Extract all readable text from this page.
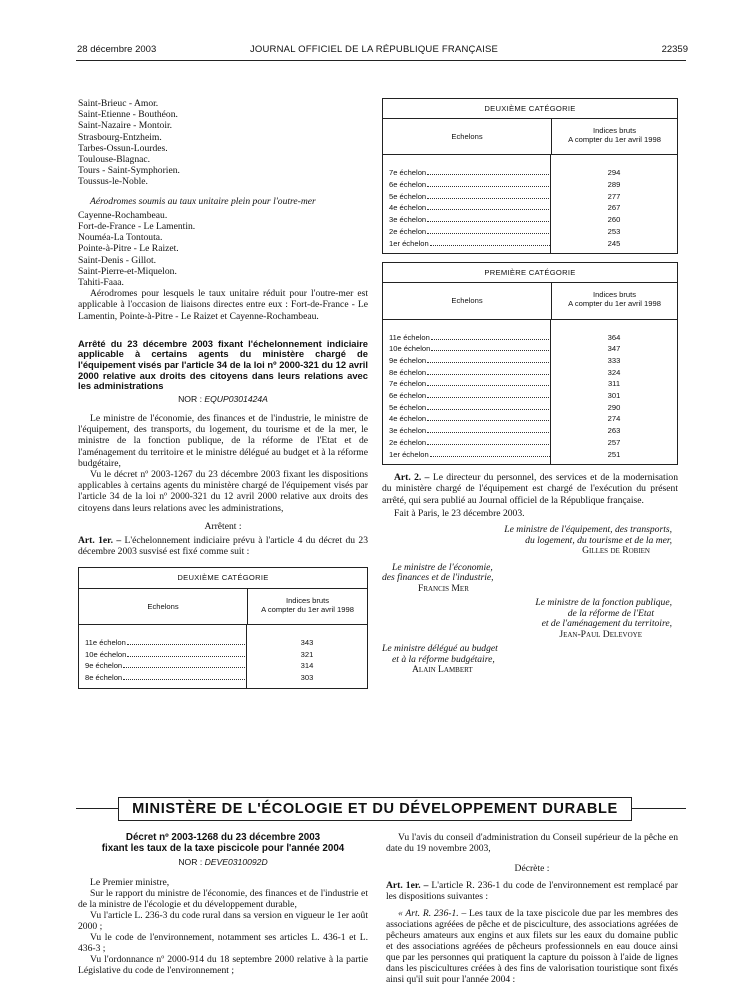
28 décembre 2003	JOURNAL OFFICIEL DE LA RÉPUBLIQUE FRANÇAISE	22359

Saint-Brieuc - Amor.

Saint-Etienne - Bouthéon.

Saint-Nazaire - Montoir.

Strasbourg-Entzheim.

Tarbes-Ossun-Lourdes.

Toulouse-Blagnac.

Tours - Saint-Symphorien.

Toussus-le-Noble.

Aérodromes soumis au taux unitaire plein pour l'outre-mer

Cayenne-Rochambeau.

Fort-de-France - Le Lamentin.

Nouméa-La Tontouta.

Pointe-à-Pitre - Le Raizet.

Saint-Denis - Gillot.

Saint-Pierre-et-Miquelon.

Tahiti-Faaa.

Aérodromes pour lesquels le taux unitaire réduit pour l'outre-mer est applicable à l'occasion de liaisons directes entre eux : Fort-de-France - Le Lamentin, Pointe-à-Pitre - Le Raizet et Cayenne-Rochambeau.

Arrêté du 23 décembre 2003 fixant l'échelonnement indiciaire applicable à certains agents du ministère chargé de l'équipement visés par l'article 34 de la loi nº 2000-321 du 12 avril 2000 relative aux droits des citoyens dans leurs relations avec les administrations

NOR : EQUP0301424A

Le ministre de l'économie, des finances et de l'industrie, le ministre de l'équipement, des transports, du logement, du tourisme et de la mer, le ministre de la fonction publique, de la réforme de l'Etat et de l'aménagement du territoire et le ministre délégué au budget et à la réforme budgétaire,

Vu le décret nº 2003-1267 du 23 décembre 2003 fixant les dispositions applicables à certains agents du ministère chargé de l'équipement visés par l'article 34 de la loi nº 2000-321 du 12 avril 2000 relative aux droits des citoyens dans leurs relations avec les administrations,

Arrêtent :

Art. 1er. – L'échelonnement indiciaire prévu à l'article 4 du décret du 23 décembre 2003 susvisé est fixé comme suit :

DEUXIÈME CATÉGORIE
Echelons
Indices bruts
A compter du 1er avril 1998
11e échelon
10e échelon
9e échelon
8e échelon
343
321
314
303
DEUXIÈME CATÉGORIE
Echelons
Indices bruts
A compter du 1er avril 1998
7e échelon
6e échelon
5e échelon
4e échelon
3e échelon
2e échelon
1er échelon
294
289
277
267
260
253
245
PREMIÈRE CATÉGORIE
Echelons
Indices bruts
A compter du 1er avril 1998
11e échelon
10e échelon
9e échelon
8e échelon
7e échelon
6e échelon
5e échelon
4e échelon
3e échelon
2e échelon
1er échelon
364
347
333
324
311
301
290
274
263
257
251

Art. 2. – Le directeur du personnel, des services et de la modernisation du ministère chargé de l'équipement est chargé de l'exécution du présent arrêté, qui sera publié au Journal officiel de la République française.

Fait à Paris, le 23 décembre 2003.

Le ministre de l'équipement, des transports,
du logement, du tourisme et de la mer,
Gilles de Robien
Le ministre de l'économie,
des finances et de l'industrie,
Francis Mer
Le ministre de la fonction publique,
de la réforme de l'Etat
et de l'aménagement du territoire,
Jean-Paul Delevoye
Le ministre délégué au budget
et à la réforme budgétaire,
Alain Lambert
MINISTÈRE DE L'ÉCOLOGIE ET DU DÉVELOPPEMENT DURABLE
Décret nº 2003-1268 du 23 décembre 2003
fixant les taux de la taxe piscicole pour l'année 2004

NOR : DEVE0310092D

Le Premier ministre,

Sur le rapport du ministre de l'économie, des finances et de l'industrie et de la ministre de l'écologie et du développement durable,

Vu l'article L. 236-3 du code rural dans sa version en vigueur le 1er août 2000 ;

Vu le code de l'environnement, notamment ses articles L. 436-1 et L. 436-3 ;

Vu l'ordonnance nº 2000-914 du 18 septembre 2000 relative à la partie Législative du code de l'environnement ;

Vu l'avis du conseil d'administration du Conseil supérieur de la pêche en date du 19 novembre 2003,

Décrète :

Art. 1er. – L'article R. 236-1 du code de l'environnement est remplacé par les dispositions suivantes :

« Art. R. 236-1. – Les taux de la taxe piscicole due par les membres des associations agréées de pêche et de pisciculture, des associations agréées de pêcheurs amateurs aux engins et aux filets sur les eaux du domaine public et des associations agréées de pêcheurs professionnels en eau douce ainsi que par les personnes qui pratiquent la capture du poisson à l'aide de lignes dans les piscicultures créées à des fins de valorisation touristique sont fixés ainsi qu'il suit pour l'année 2004 :
